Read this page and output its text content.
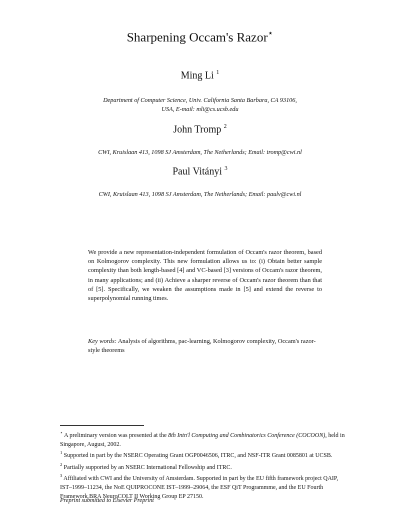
Sharpening Occam's Razor⋆
Ming Li $^1$
Department of Computer Science, Univ. California Santa Barbara, CA 93106,
USA, E-mail: mli@cs.ucsb.edu
John Tromp $^2$
CWI, Kruislaan 413, 1098 SJ Amsterdam, The Netherlands; Email: tromp@cwi.nl
Paul Vitányi $^3$
CWI, Kruislaan 413, 1098 SJ Amsterdam, The Netherlands; Email: paulv@cwi.nl

We provide a new representation-independent formulation of Occam's razor theorem, based on Kolmogorov complexity. This new formulation allows us to: (i) Obtain better sample complexity than both length-based [4] and VC-based [3] versions of Occam's razor theorem, in many applications; and (ii) Achieve a sharper reverse of Occam's razor theorem than that of [5]. Specifically, we weaken the assumptions made in [5] and extend the reverse to superpolynomial running times.

Key words: Analysis of algorithms, pac-learning, Kolmogorov complexity, Occam's razor-style theorems

⋆ A preliminary version was presented at the 8th Intn'l Computing and Combinatorics Conference (COCOON), held in Singapore, August, 2002.

$^1$ Supported in part by the NSERC Operating Grant OGP0046506, ITRC, and NSF-ITR Grant 0085801 at UCSB.

$^2$ Partially supported by an NSERC International Fellowship and ITRC.

$^3$ Affiliated with CWI and the University of Amsterdam. Supported in part by the EU fifth framework project QAIP, IST–1999–11234, the NoE QUIPROCONE IST–1999–29064, the ESF QiT Programmme, and the EU Fourth Framework BRA NeuroCOLT II Working Group EP 27150.

Preprint submitted to Elsevier Preprint
